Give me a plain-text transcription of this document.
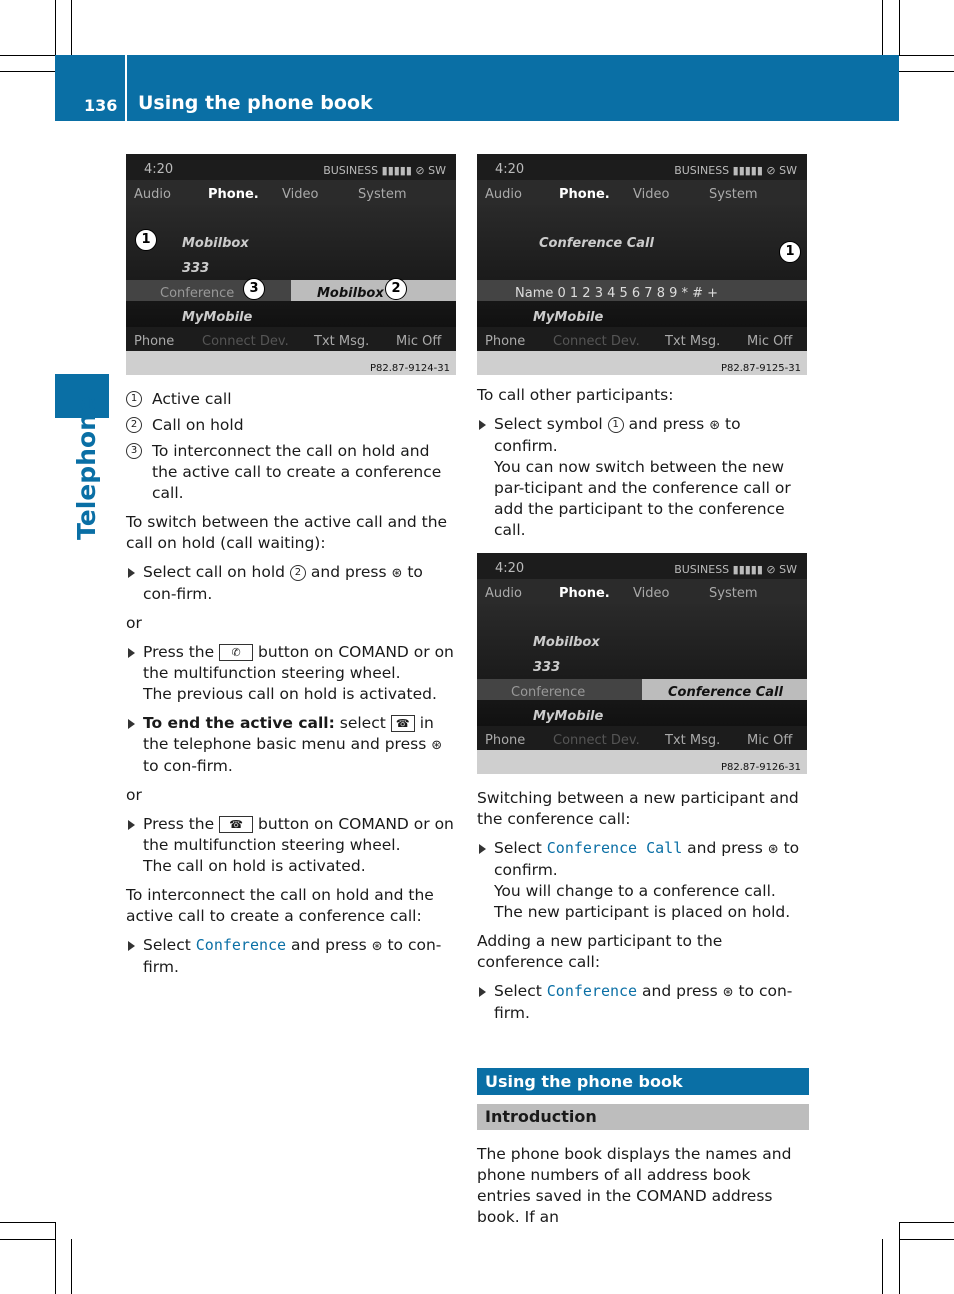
136 Using the phone book
Telephone
4:20	BUSINESS ▮▮▮▮▮ ⊘ SW
Audio	Phone. Video	System
Mobilbox
333
Conference	Mobilbox
MyMobile
Phone Connect Dev. Txt Msg. Mic Off
P82.87-9124-31
1
2
3
1 Active call
2 Call on hold
3 To interconnect the call on hold and the active call to create a conference call.

To switch between the active call and the call on hold (call waiting):

Select call on hold 2 and press ⊛ to con-firm.

or

Press the ✆ button on COMAND or on the multifunction steering wheel.
The previous call on hold is activated.
To end the active call: select ☎ in the telephone basic menu and press ⊛ to con-firm.

or

Press the ☎ button on COMAND or on the multifunction steering wheel.
The call on hold is activated.

To interconnect the call on hold and the active call to create a conference call:

Select Conference and press ⊛ to con-firm.
4:20	BUSINESS ▮▮▮▮▮ ⊘ SW
Audio	Phone. Video	System
Conference Call
Name 0 1 2 3 4 5 6 7 8 9 * # +
MyMobile
Phone Connect Dev. Txt Msg. Mic Off
P82.87-9125-31
1

To call other participants:

Select symbol 1 and press ⊛ to confirm.
You can now switch between the new par-ticipant and the conference call or add the participant to the conference call.
4:20	BUSINESS ▮▮▮▮▮ ⊘ SW
Audio	Phone. Video	System
Mobilbox
333
Conference	Conference Call
MyMobile
Phone Connect Dev. Txt Msg. Mic Off
P82.87-9126-31

Switching between a new participant and the conference call:

Select Conference Call and press ⊛ to confirm.
You will change to a conference call. The new participant is placed on hold.

Adding a new participant to the conference call:

Select Conference and press ⊛ to con-firm.
Using the phone book
Introduction

The phone book displays the names and phone numbers of all address book entries saved in the COMAND address book. If an
